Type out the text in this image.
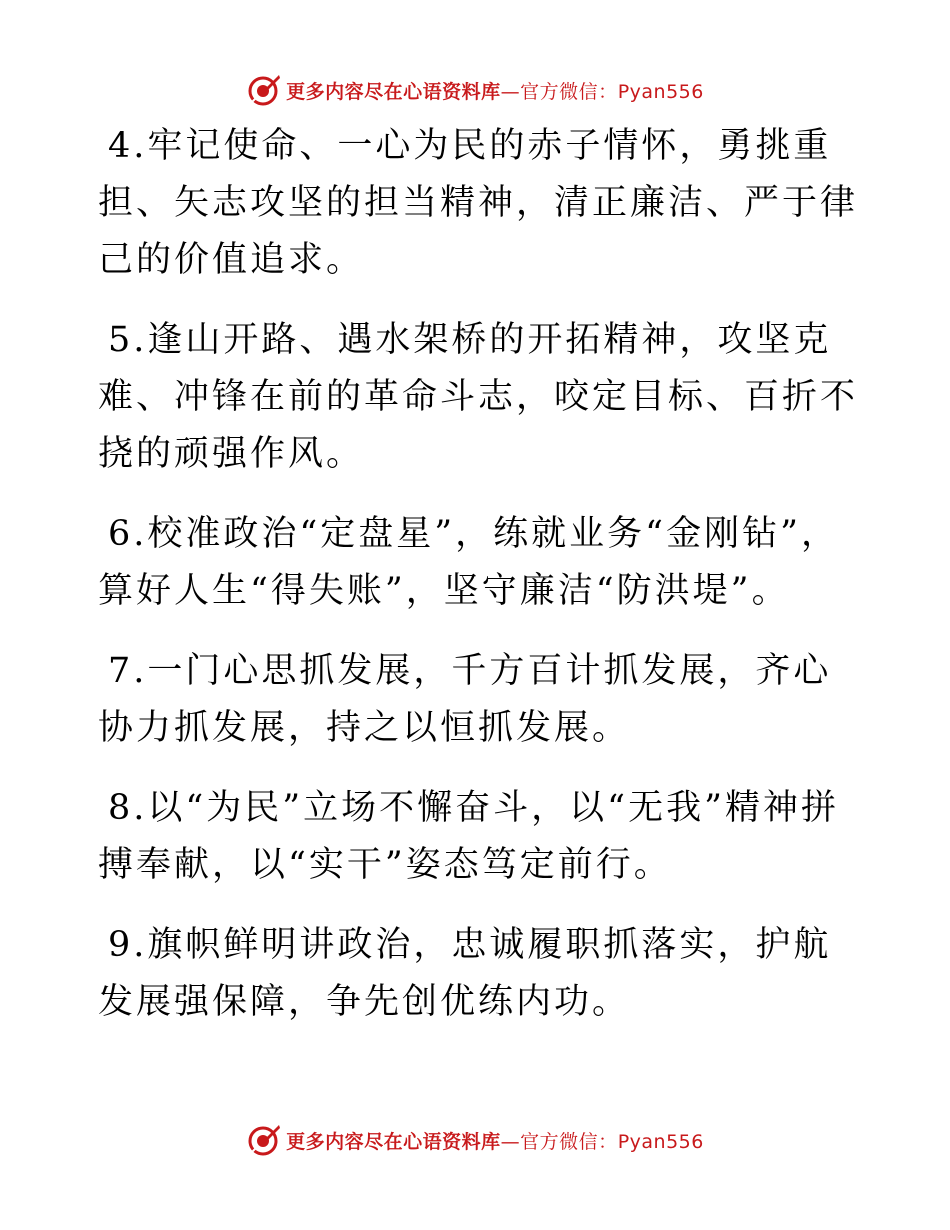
更多内容尽在心语资料库—官方微信：Pyan556

4.牢记使命、一心为民的赤子情怀，勇挑重担、矢志攻坚的担当精神，清正廉洁、严于律己的价值追求。

5.逢山开路、遇水架桥的开拓精神，攻坚克难、冲锋在前的革命斗志，咬定目标、百折不挠的顽强作风。

6.校准政治“定盘星”，练就业务“金刚钻”，算好人生“得失账”，坚守廉洁“防洪堤”。

7.一门心思抓发展，千方百计抓发展，齐心协力抓发展，持之以恒抓发展。

8.以“为民”立场不懈奋斗，以“无我”精神拼搏奉献，以“实干”姿态笃定前行。

9.旗帜鲜明讲政治，忠诚履职抓落实，护航发展强保障，争先创优练内功。

更多内容尽在心语资料库—官方微信：Pyan556
